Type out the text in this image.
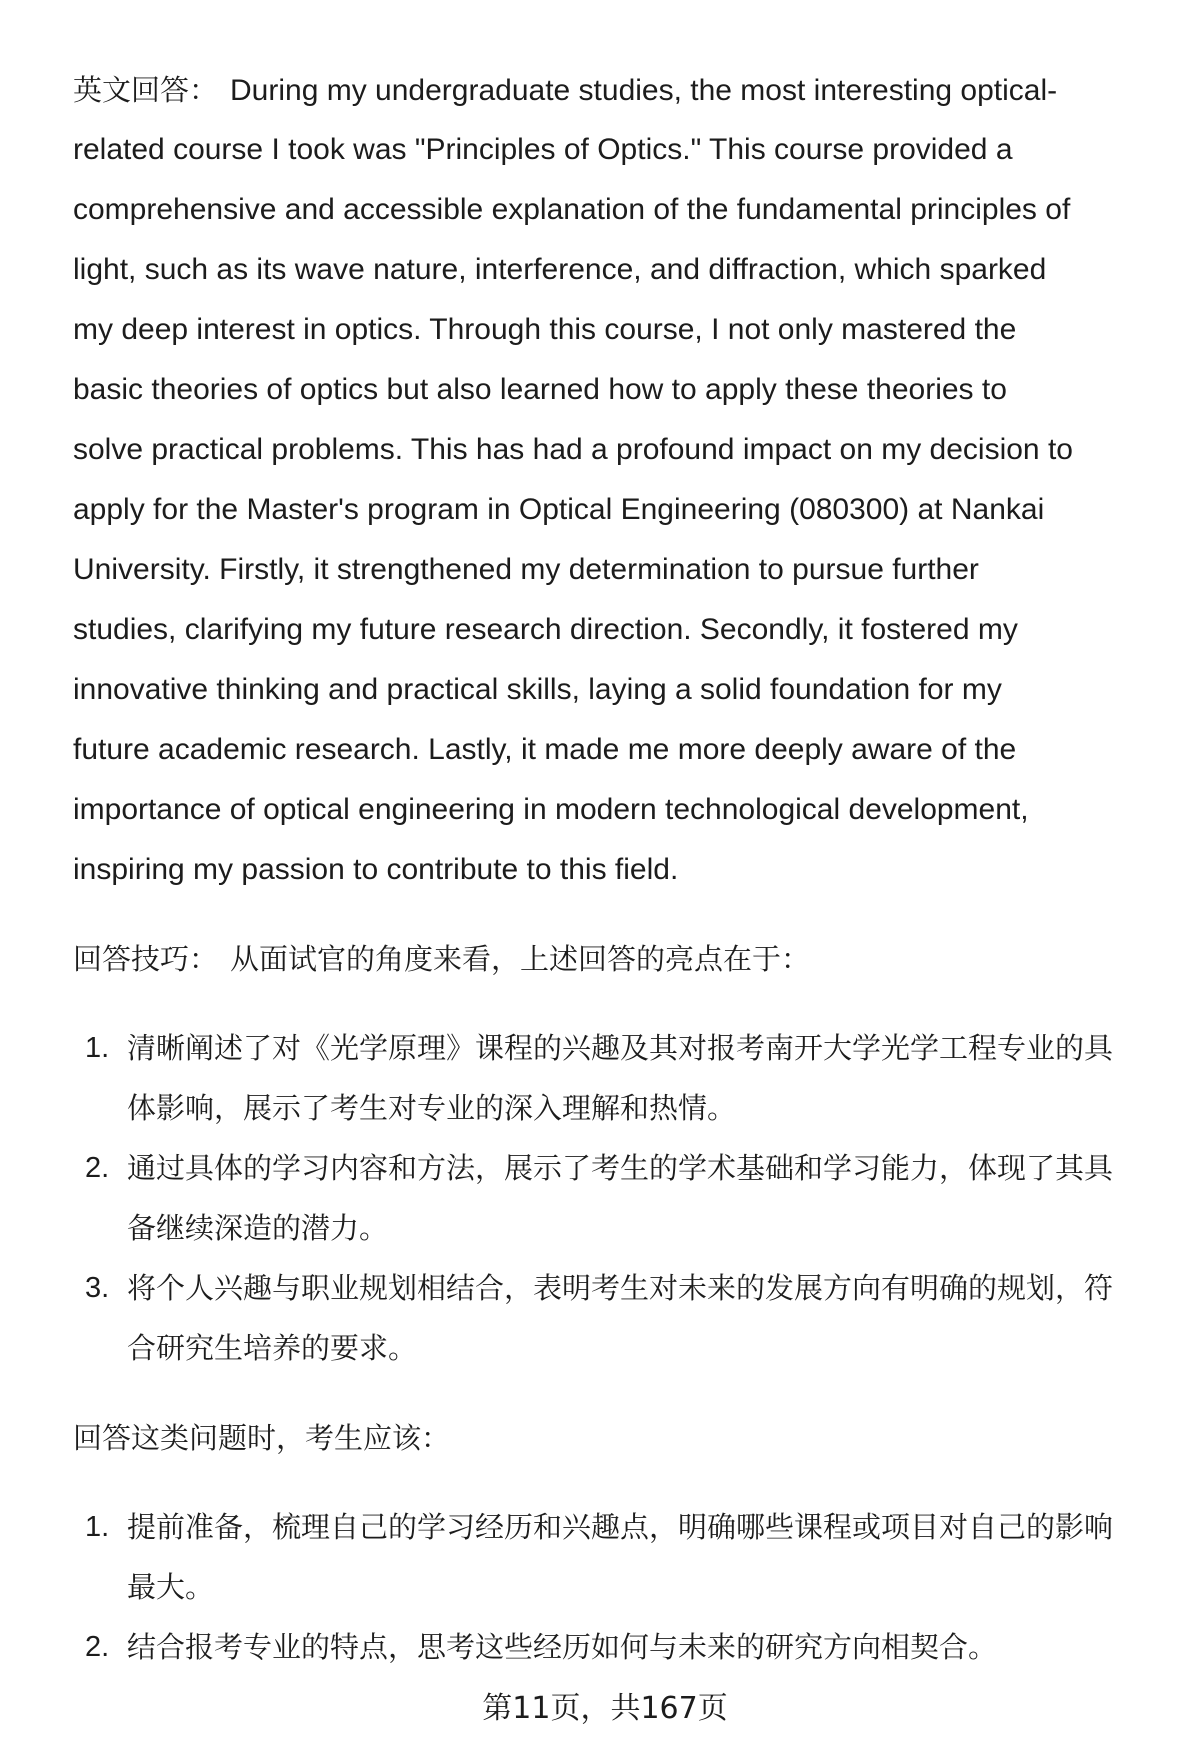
英文回答： During my undergraduate studies, the most interesting optical-
related course I took was "Principles of Optics." This course provided a
comprehensive and accessible explanation of the fundamental principles of
light, such as its wave nature, interference, and diffraction, which sparked
my deep interest in optics. Through this course, I not only mastered the
basic theories of optics but also learned how to apply these theories to
solve practical problems. This has had a profound impact on my decision to
apply for the Master's program in Optical Engineering (080300) at Nankai
University. Firstly, it strengthened my determination to pursue further
studies, clarifying my future research direction. Secondly, it fostered my
innovative thinking and practical skills, laying a solid foundation for my
future academic research. Lastly, it made me more deeply aware of the
importance of optical engineering in modern technological development,
inspiring my passion to contribute to this field.
回答技巧： 从面试官的角度来看，上述回答的亮点在于：
1. 清晰阐述了对《光学原理》课程的兴趣及其对报考南开大学光学工程专业的具
体影响，展示了考生对专业的深入理解和热情。
2. 通过具体的学习内容和方法，展示了考生的学术基础和学习能力，体现了其具
备继续深造的潜力。
3. 将个人兴趣与职业规划相结合，表明考生对未来的发展方向有明确的规划，符
合研究生培养的要求。
回答这类问题时，考生应该：
1. 提前准备，梳理自己的学习经历和兴趣点，明确哪些课程或项目对自己的影响
最大。
2. 结合报考专业的特点，思考这些经历如何与未来的研究方向相契合。
第11页，共167页
